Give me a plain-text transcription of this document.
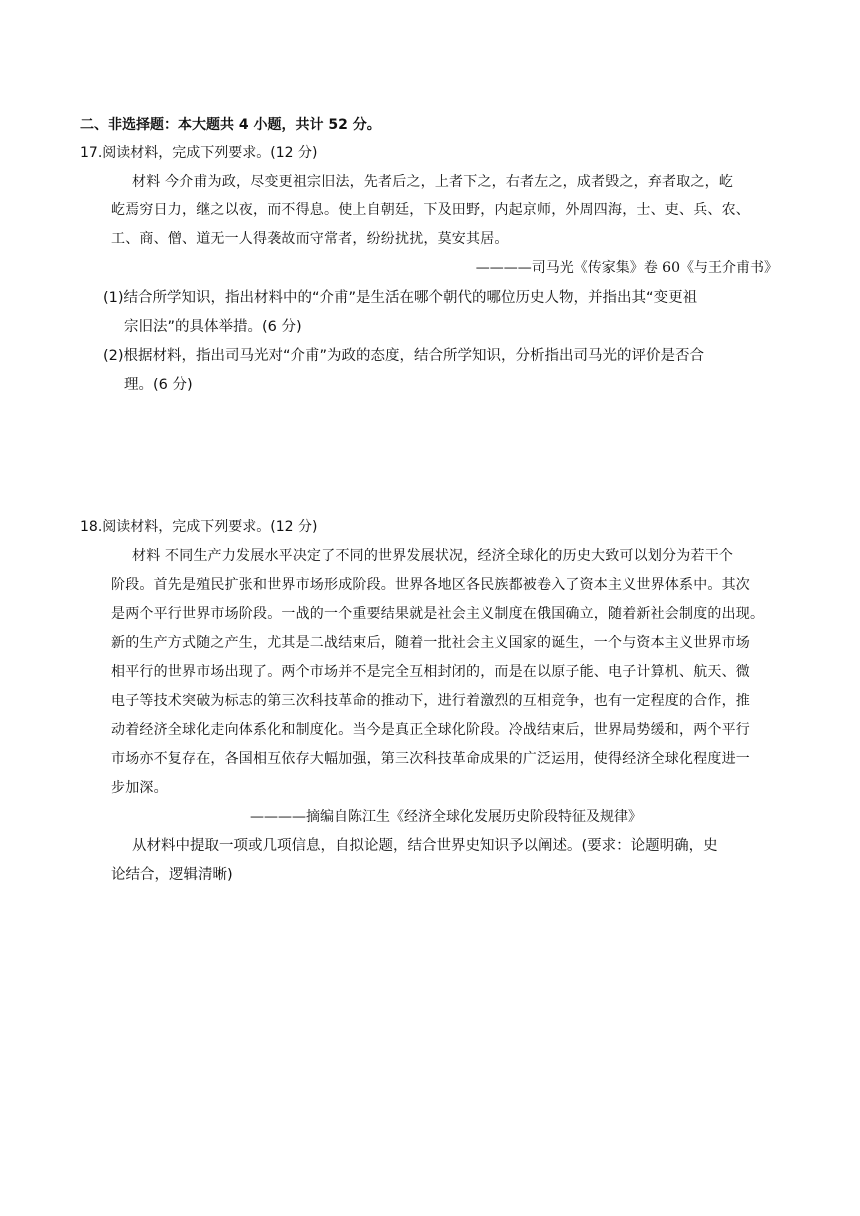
二、非选择题：本大题共 4 小题，共计 52 分。
17.阅读材料，完成下列要求。(12 分)
材料 今介甫为政，尽变更祖宗旧法，先者后之，上者下之，右者左之，成者毁之，弃者取之，屹
屹焉穷日力，继之以夜，而不得息。使上自朝廷，下及田野，内起京师，外周四海，士、吏、兵、农、
工、商、僧、道无一人得袭故而守常者，纷纷扰扰，莫安其居。
————司马光《传家集》卷 60《与王介甫书》
(1)结合所学知识，指出材料中的“介甫”是生活在哪个朝代的哪位历史人物，并指出其“变更祖
宗旧法”的具体举措。(6 分)
(2)根据材料，指出司马光对“介甫”为政的态度，结合所学知识，分析指出司马光的评价是否合
理。(6 分)
18.阅读材料，完成下列要求。(12 分)
材料 不同生产力发展水平决定了不同的世界发展状况，经济全球化的历史大致可以划分为若干个
阶段。首先是殖民扩张和世界市场形成阶段。世界各地区各民族都被卷入了资本主义世界体系中。其次
是两个平行世界市场阶段。一战的一个重要结果就是社会主义制度在俄国确立，随着新社会制度的出现。
新的生产方式随之产生，尤其是二战结束后，随着一批社会主义国家的诞生，一个与资本主义世界市场
相平行的世界市场出现了。两个市场并不是完全互相封闭的，而是在以原子能、电子计算机、航天、微
电子等技术突破为标志的第三次科技革命的推动下，进行着激烈的互相竞争，也有一定程度的合作，推
动着经济全球化走向体系化和制度化。当今是真正全球化阶段。冷战结束后，世界局势缓和，两个平行
市场亦不复存在，各国相互依存大幅加强，第三次科技革命成果的广泛运用，使得经济全球化程度进一
步加深。
————摘编自陈江生《经济全球化发展历史阶段特征及规律》
从材料中提取一项或几项信息，自拟论题，结合世界史知识予以阐述。(要求：论题明确，史
论结合，逻辑清晰)
